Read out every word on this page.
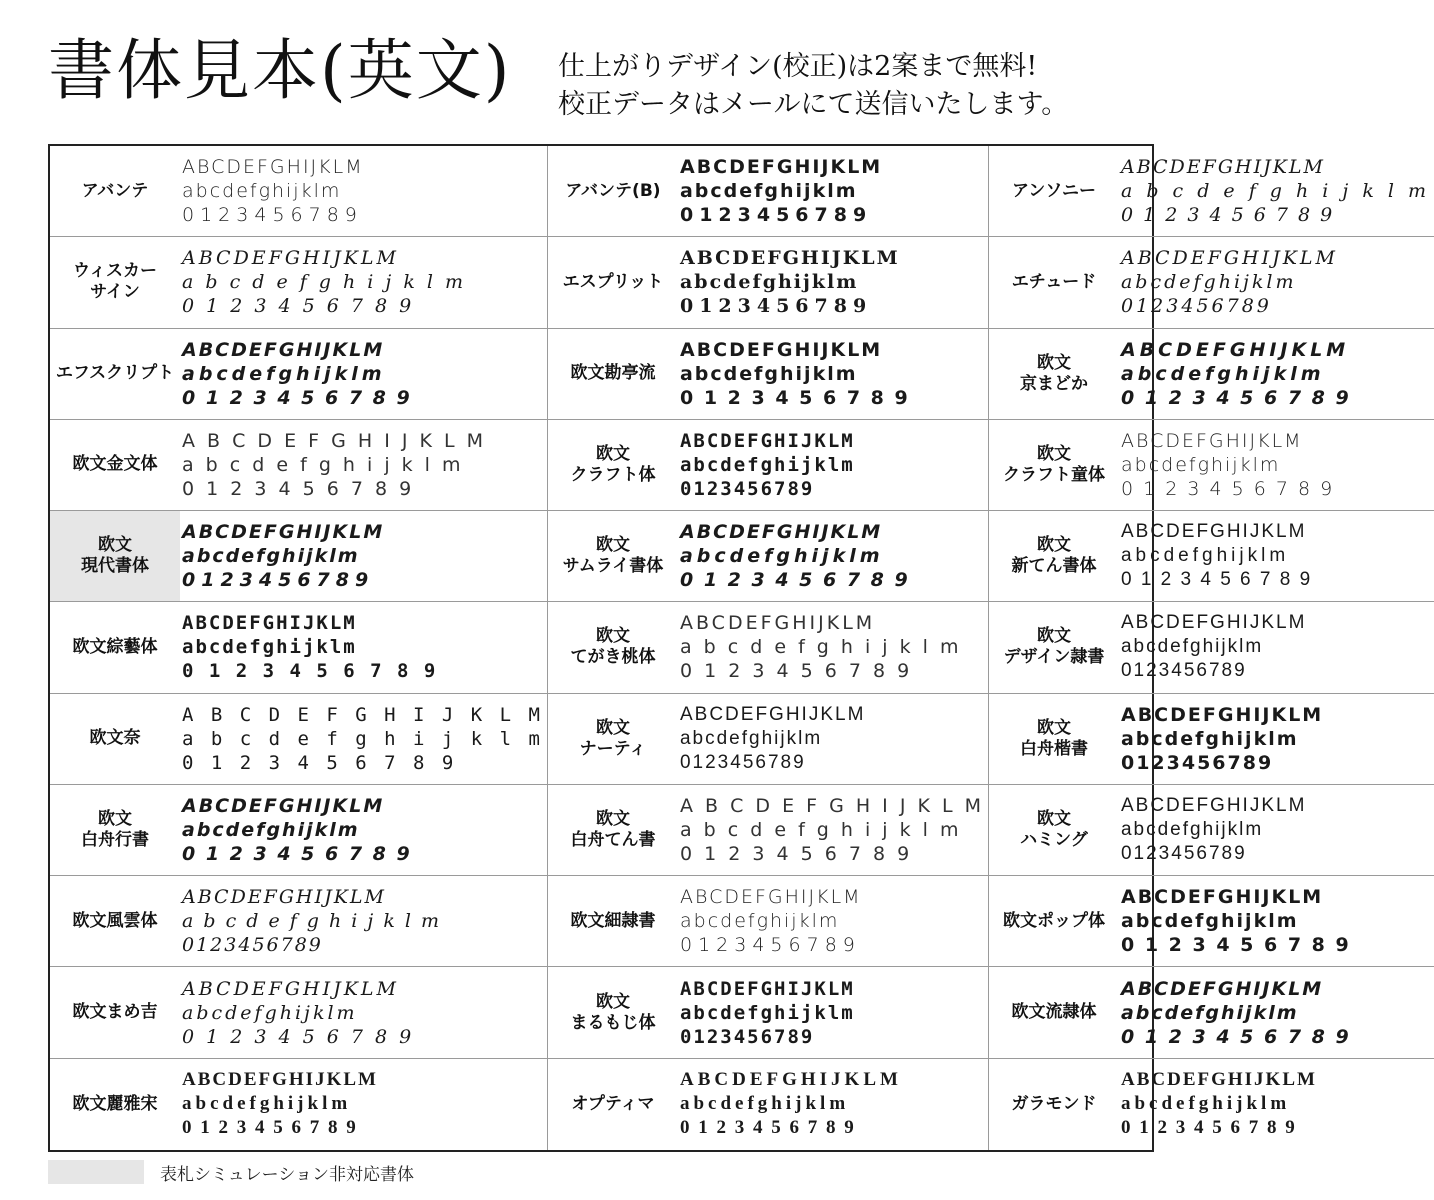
書体見本(英文) 仕上がりデザイン(校正)は2案まで無料!
校正データはメールにて送信いたします。
アバンテ
ABCDEFGHIJKLM
abcdefghijklm
0123456789
アバンテ(B)
ABCDEFGHIJKLM
abcdefghijklm
0123456789
アンソニー
ABCDEFGHIJKLM
a b c d e f g h i j k l m
0 1 2 3 4 5 6 7 8 9
ウィスカー
サイン
ABCDEFGHIJKLM
a b c d e f g h i j k l m
0 1 2 3 4 5 6 7 8 9
エスプリット
ABCDEFGHIJKLM
abcdefghijklm
0123456789
エチュード
ABCDEFGHIJKLM
abcdefghijklm
0123456789
エフスクリプト
ABCDEFGHIJKLM
abcdefghijklm
0 1 2 3 4 5 6 7 8 9
欧文勘亭流
ABCDEFGHIJKLM
abcdefghijklm
0 1 2 3 4 5 6 7 8 9
欧文
京まどか
ABCDEFGHIJKLM
abcdefghijklm
0 1 2 3 4 5 6 7 8 9
欧文金文体
A B C D E F G H I J K L M
a b c d e f g h i j k l m
0 1 2 3 4 5 6 7 8 9
欧文
クラフト体
ABCDEFGHIJKLM
abcdefghijklm
0123456789
欧文
クラフト童体
ABCDEFGHIJKLM
abcdefghijklm
0 1 2 3 4 5 6 7 8 9
欧文
現代書体
ABCDEFGHIJKLM
abcdefghijklm
0123456789
欧文
サムライ書体
ABCDEFGHIJKLM
abcdefghijklm
0 1 2 3 4 5 6 7 8 9
欧文
新てん書体
ABCDEFGHIJKLM
abcdefghijklm
0 1 2 3 4 5 6 7 8 9
欧文綜藝体
ABCDEFGHIJKLM
abcdefghijklm
0 1 2 3 4 5 6 7 8 9
欧文
てがき桃体
ABCDEFGHIJKLM
a b c d e f g h i j k l m
0 1 2 3 4 5 6 7 8 9
欧文
デザイン隷書
ABCDEFGHIJKLM
abcdefghijklm
0123456789
欧文奈
A B C D E F G H I J K L M
a b c d e f g h i j k l m
0 1 2 3 4 5 6 7 8 9
欧文
ナーティ
ABCDEFGHIJKLM
abcdefghijklm
0123456789
欧文
白舟楷書
ABCDEFGHIJKLM
abcdefghijklm
0123456789
欧文
白舟行書
ABCDEFGHIJKLM
abcdefghijklm
0 1 2 3 4 5 6 7 8 9
欧文
白舟てん書
A B C D E F G H I J K L M
a b c d e f g h i j k l m
0 1 2 3 4 5 6 7 8 9
欧文
ハミング
ABCDEFGHIJKLM
abcdefghijklm
0123456789
欧文風雲体
ABCDEFGHIJKLM
a b c d e f g h i j k l m
0123456789
欧文細隷書
ABCDEFGHIJKLM
abcdefghijklm
0123456789
欧文ポップ体
ABCDEFGHIJKLM
abcdefghijklm
0 1 2 3 4 5 6 7 8 9
欧文まめ吉
ABCDEFGHIJKLM
abcdefghijklm
0 1 2 3 4 5 6 7 8 9
欧文
まるもじ体
ABCDEFGHIJKLM
abcdefghijklm
0123456789
欧文流隷体
ABCDEFGHIJKLM
abcdefghijklm
0 1 2 3 4 5 6 7 8 9
欧文麗雅宋
ABCDEFGHIJKLM
abcdefghijklm
0 1 2 3 4 5 6 7 8 9
オプティマ
ABCDEFGHIJKLM
abcdefghijklm
0 1 2 3 4 5 6 7 8 9
ガラモンド
ABCDEFGHIJKLM
abcdefghijklm
0 1 2 3 4 5 6 7 8 9
表札シミュレーション非対応書体
